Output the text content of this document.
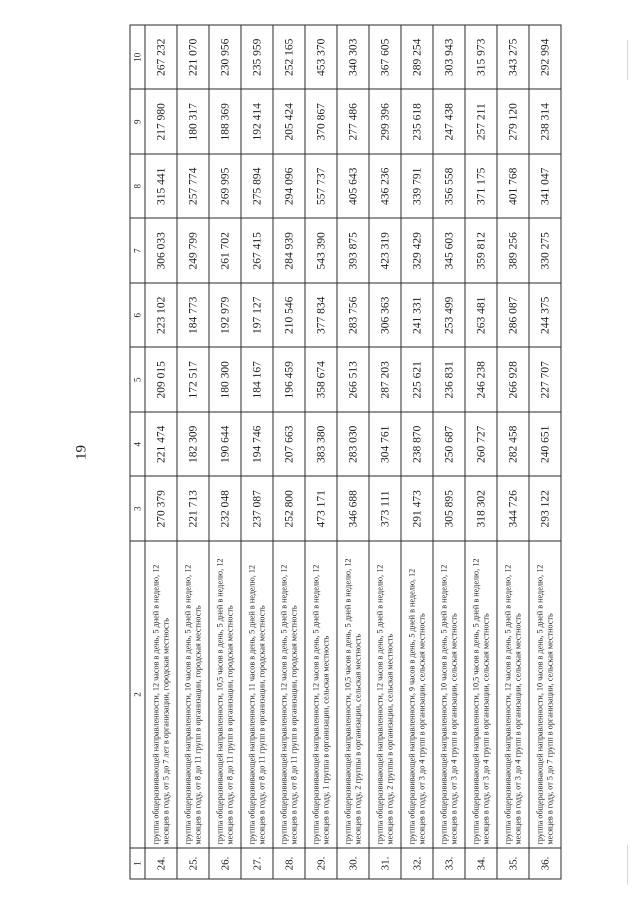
19
1	2	3	4	5	6	7	8	9	10
24.	группа общеразвивающей направленности, 12 часов в день, 5 дней в неделю, 12 месяцев в году, от 5 до 7 лет в организации, городская местность	270 379	221 474	209 015	223 102	306 033	315 441	217 980	267 232
25.	группа общеразвивающей направленности, 10 часов в день, 5 дней в неделю, 12 месяцев в году, от 8 до 11 групп в организации, городская местность	221 713	182 309	172 517	184 773	249 799	257 774	180 317	221 070
26.	группа общеразвивающей направленности, 10,5 часов в день, 5 дней в неделю, 12 месяцев в году, от 8 до 11 групп в организации, городская местность	232 048	190 644	180 300	192 979	261 702	269 995	188 369	230 956
27.	группа общеразвивающей направленности, 11 часов в день, 5 дней в неделю, 12 месяцев в году, от 8 до 11 групп в организации, городская местность	237 087	194 746	184 167	197 127	267 415	275 894	192 414	235 959
28.	группа общеразвивающей направленности, 12 часов в день, 5 дней в неделю, 12 месяцев в году, от 8 до 11 групп в организации, городская местность	252 800	207 663	196 459	210 546	284 939	294 096	205 424	252 165
29.	группа общеразвивающей направленности, 12 часов в день, 5 дней в неделю, 12 месяцев в году, 1 группа в организации, сельская местность	473 171	383 380	358 674	377 834	543 390	557 737	370 867	453 370
30.	группа общеразвивающей направленности, 10,5 часов в день, 5 дней в неделю, 12 месяцев в году, 2 группы в организации, сельская местность	346 688	283 030	266 513	283 756	393 875	405 643	277 486	340 303
31.	группа общеразвивающей направленности, 12 часов в день, 5 дней в неделю, 12 месяцев в году, 2 группы в организации, сельская местность	373 111	304 761	287 203	306 363	423 319	436 236	299 396	367 605
32.	группа общеразвивающей направленности, 9 часов в день, 5 дней в неделю, 12 месяцев в году, от 3 до 4 групп в организации, сельская местность	291 473	238 870	225 621	241 331	329 429	339 791	235 618	289 254
33.	группа общеразвивающей направленности, 10 часов в день, 5 дней в неделю, 12 месяцев в году, от 3 до 4 групп в организации, сельская местность	305 895	250 687	236 831	253 499	345 603	356 558	247 438	303 943
34.	группа общеразвивающей направленности, 10,5 часов в день, 5 дней в неделю, 12 месяцев в году, от 3 до 4 групп в организации, сельская местность	318 302	260 727	246 238	263 481	359 812	371 175	257 211	315 973
35.	группа общеразвивающей направленности, 12 часов в день, 5 дней в неделю, 12 месяцев в году, от 3 до 4 групп в организации, сельская местность	344 726	282 458	266 928	286 087	389 256	401 768	279 120	343 275
36.	группа общеразвивающей направленности, 10 часов в день, 5 дней в неделю, 12 месяцев в году, от 5 до 7 групп в организации, сельская местность	293 122	240 651	227 707	244 375	330 275	341 047	238 314	292 994
